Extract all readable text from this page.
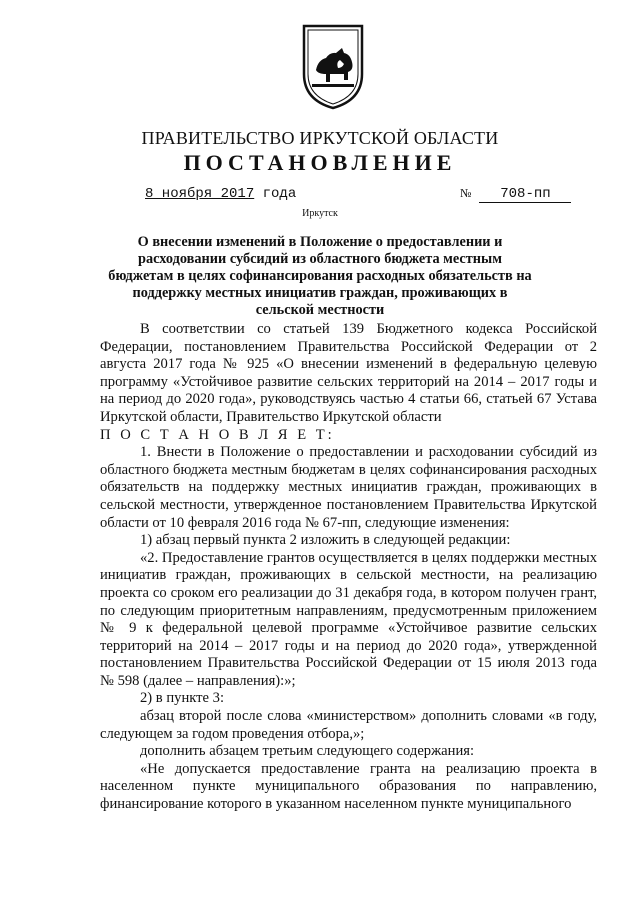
ПРАВИТЕЛЬСТВО ИРКУТСКОЙ ОБЛАСТИ
ПОСТАНОВЛЕНИЕ
8 ноября 2017 года	№ 708-пп
Иркутск
О внесении изменений в Положение о предоставлении и расходовании субсидий из областного бюджета местным бюджетам в целях софинансирования расходных обязательств на поддержку местных инициатив граждан, проживающих в сельской местности

В соответствии со статьей 139 Бюджетного кодекса Российской Федерации, постановлением Правительства Российской Федерации от 2 августа 2017 года № 925 «О внесении изменений в федеральную целевую программу «Устойчивое развитие сельских территорий на 2014 – 2017 годы и на период до 2020 года», руководствуясь частью 4 статьи 66, статьей 67 Устава Иркутской области, Правительство Иркутской области

П О С Т А Н О В Л Я Е Т:

1. Внести в Положение о предоставлении и расходовании субсидий из областного бюджета местным бюджетам в целях софинансирования расходных обязательств на поддержку местных инициатив граждан, проживающих в сельской местности, утвержденное постановлением Правительства Иркутской области от 10 февраля 2016 года № 67-пп, следующие изменения:

1) абзац первый пункта 2 изложить в следующей редакции:

«2. Предоставление грантов осуществляется в целях поддержки местных инициатив граждан, проживающих в сельской местности, на реализацию проекта со сроком его реализации до 31 декабря года, в котором получен грант, по следующим приоритетным направлениям, предусмотренным приложением № 9 к федеральной целевой программе «Устойчивое развитие сельских территорий на 2014 – 2017 годы и на период до 2020 года», утвержденной постановлением Правительства Российской Федерации от 15 июля 2013 года № 598 (далее – направления):»;

2) в пункте 3:

абзац второй после слова «министерством» дополнить словами «в году, следующем за годом проведения отбора,»;

дополнить абзацем третьим следующего содержания:

«Не допускается предоставление гранта на реализацию проекта в населенном пункте муниципального образования по направлению, финансирование которого в указанном населенном пункте муниципального
